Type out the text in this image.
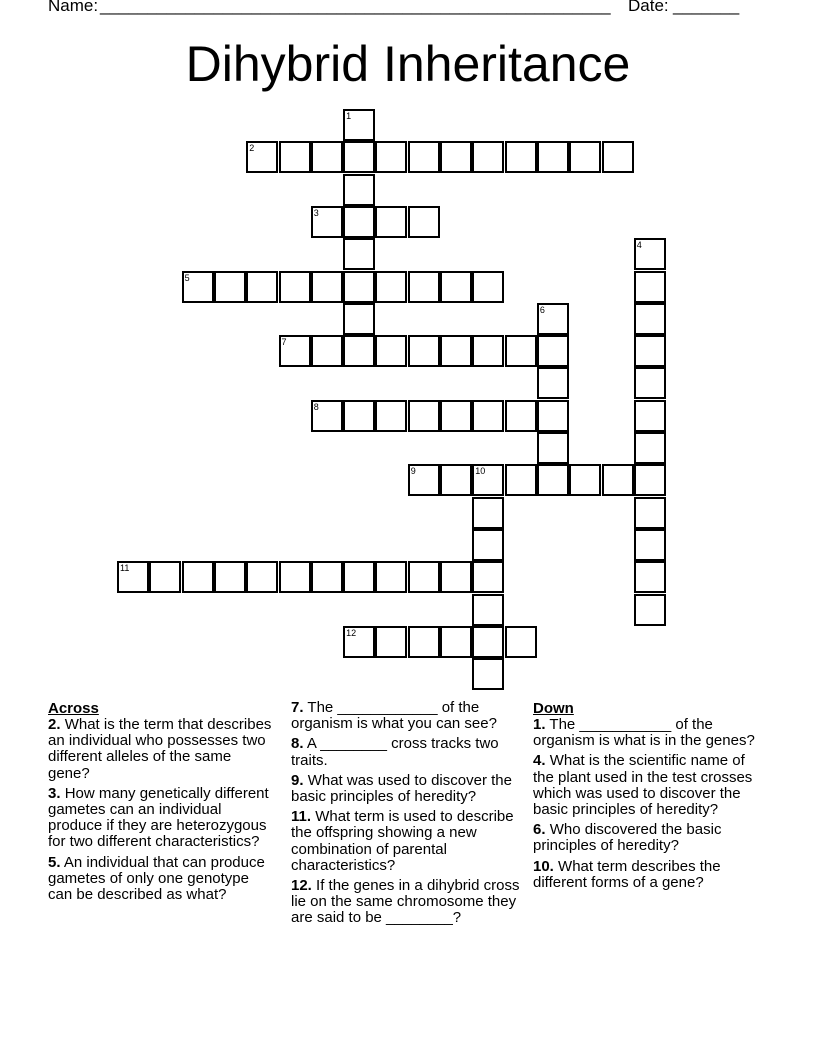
Name: ______________________________________________________ Date: _______
Dihybrid Inheritance
1
2
3
4
5
6
7
8
9	10
11
12
Across
2. What is the term that describes an individual who possesses two different alleles of the same gene?
3. How many genetically different gametes can an individual produce if they are heterozygous for two different characteristics?
5. An individual that can produce gametes of only one genotype can be described as what?
7. The ____________ of the organism is what you can see?
8. A ________ cross tracks two traits.
9. What was used to discover the basic principles of heredity?
11. What term is used to describe the offspring showing a new combination of parental characteristics?
12. If the genes in a dihybrid cross lie on the same chromosome they are said to be ________?
Down
1. The ___________ of the organism is what is in the genes?
4. What is the scientific name of the plant used in the test crosses which was used to discover the basic principles of heredity?
6. Who discovered the basic principles of heredity?
10. What term describes the different forms of a gene?
